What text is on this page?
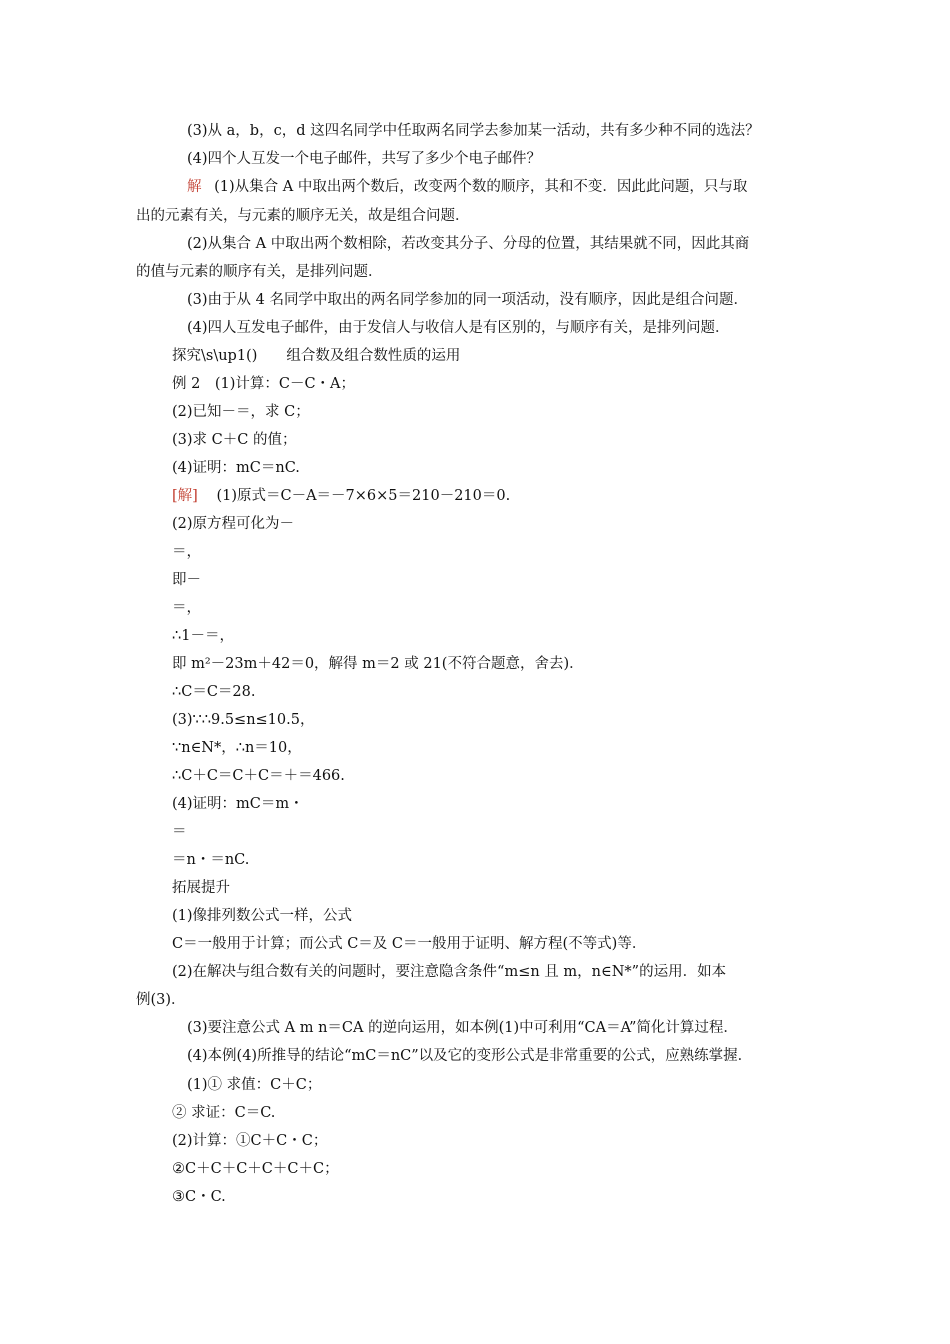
(3)从 a，b，c，d 这四名同学中任取两名同学去参加某一活动，共有多少种不同的选法？
(4)四个人互发一个电子邮件，共写了多少个电子邮件？
解 (1)从集合 A 中取出两个数后，改变两个数的顺序，其和不变．因此此问题，只与取
出的元素有关，与元素的顺序无关，故是组合问题．
(2)从集合 A 中取出两个数相除，若改变其分子、分母的位置，其结果就不同，因此其商
的值与元素的顺序有关，是排列问题．
(3)由于从 4 名同学中取出的两名同学参加的同一项活动，没有顺序，因此是组合问题．
(4)四人互发电子邮件，由于发信人与收信人是有区别的，与顺序有关，是排列问题．
探究\s\up1()　　组合数及组合数性质的运用
例 2　(1)计算：C－C・A；
(2)已知－＝，求 C；
(3)求 C＋C 的值；
(4)证明：mC＝nC.
[解] (1)原式＝C－A＝－7×6×5＝210－210＝0.
(2)原方程可化为－
＝，
即－
＝，
∴1－＝，
即 m²－23m＋42＝0，解得 m＝2 或 21(不符合题意，舍去)．
∴C＝C＝28.
(3)∵∴9.5≤n≤10.5，
∵n∈N*，∴n＝10，
∴C＋C＝C＋C＝＋＝466.
(4)证明：mC＝m・
＝
＝n・＝nC.
拓展提升
(1)像排列数公式一样，公式
C＝一般用于计算；而公式 C＝及 C＝一般用于证明、解方程(不等式)等．
(2)在解决与组合数有关的问题时，要注意隐含条件“m≤n 且 m，n∈N*”的运用．如本
例(3)．
(3)要注意公式 A m n＝CA 的逆向运用，如本例(1)中可利用“CA＝A”简化计算过程．
(4)本例(4)所推导的结论“mC＝nC”以及它的变形公式是非常重要的公式，应熟练掌握．
(1)① 求值：C＋C；
② 求证：C＝C.
(2)计算：①C＋C・C；
②C＋C＋C＋C＋C＋C；
③C・C.
